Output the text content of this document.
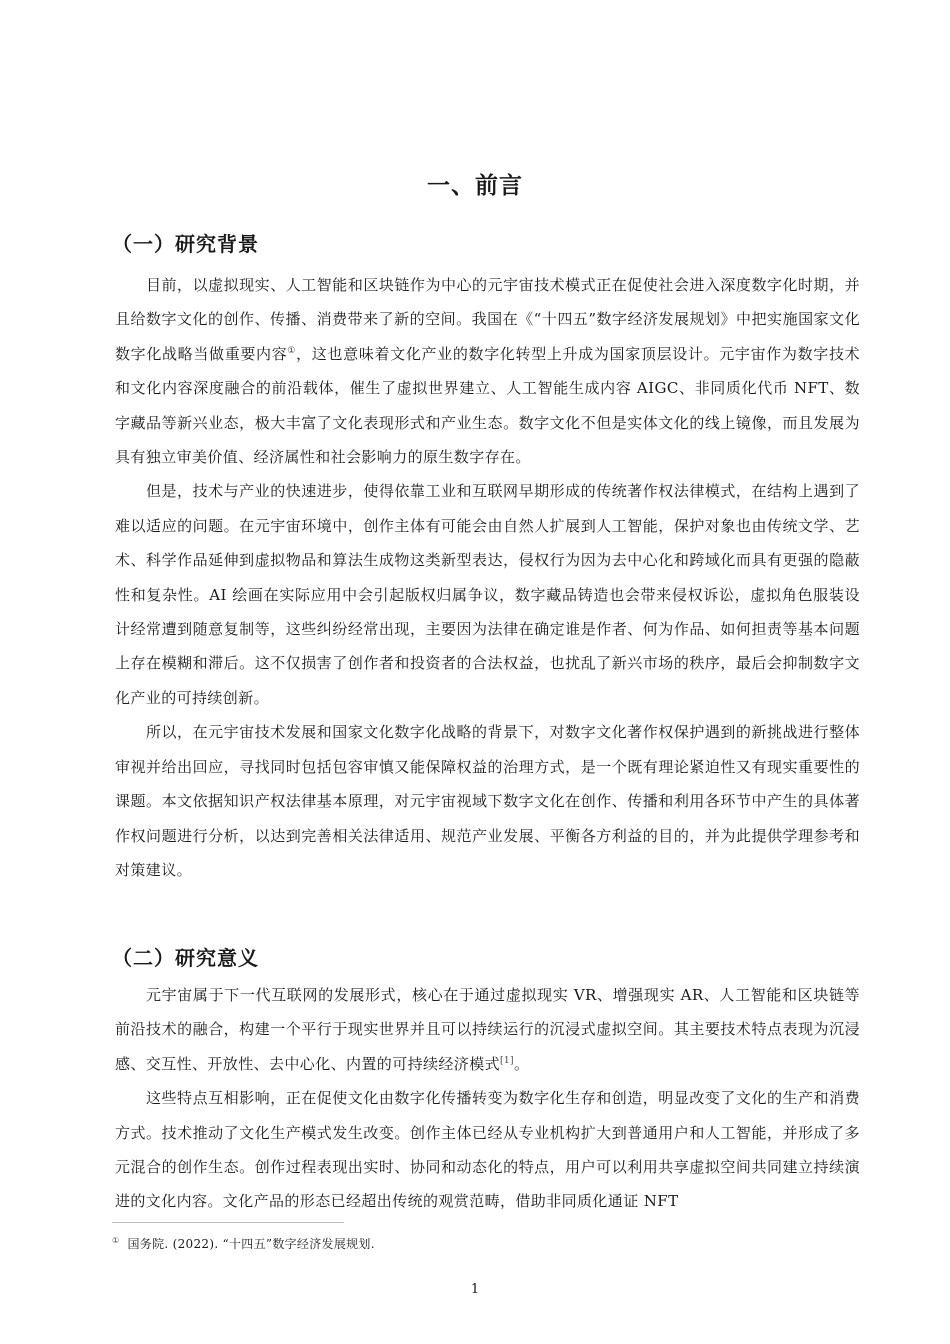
一、前言
（一）研究背景

目前，以虚拟现实、人工智能和区块链作为中心的元宇宙技术模式正在促使社会进入深度数字化时期，并且给数字文化的创作、传播、消费带来了新的空间。我国在《“十四五”数字经济发展规划》中把实施国家文化数字化战略当做重要内容①，这也意味着文化产业的数字化转型上升成为国家顶层设计。元宇宙作为数字技术和文化内容深度融合的前沿载体，催生了虚拟世界建立、人工智能生成内容 AIGC、非同质化代币 NFT、数字藏品等新兴业态，极大丰富了文化表现形式和产业生态。数字文化不但是实体文化的线上镜像，而且发展为具有独立审美价值、经济属性和社会影响力的原生数字存在。

但是，技术与产业的快速进步，使得依靠工业和互联网早期形成的传统著作权法律模式，在结构上遇到了难以适应的问题。在元宇宙环境中，创作主体有可能会由自然人扩展到人工智能，保护对象也由传统文学、艺术、科学作品延伸到虚拟物品和算法生成物这类新型表达，侵权行为因为去中心化和跨域化而具有更强的隐蔽性和复杂性。AI 绘画在实际应用中会引起版权归属争议，数字藏品铸造也会带来侵权诉讼，虚拟角色服装设计经常遭到随意复制等，这些纠纷经常出现，主要因为法律在确定谁是作者、何为作品、如何担责等基本问题上存在模糊和滞后。这不仅损害了创作者和投资者的合法权益，也扰乱了新兴市场的秩序，最后会抑制数字文化产业的可持续创新。

所以，在元宇宙技术发展和国家文化数字化战略的背景下，对数字文化著作权保护遇到的新挑战进行整体审视并给出回应，寻找同时包括包容审慎又能保障权益的治理方式，是一个既有理论紧迫性又有现实重要性的课题。本文依据知识产权法律基本原理，对元宇宙视域下数字文化在创作、传播和利用各环节中产生的具体著作权问题进行分析，以达到完善相关法律适用、规范产业发展、平衡各方利益的目的，并为此提供学理参考和对策建议。

（二）研究意义

元宇宙属于下一代互联网的发展形式，核心在于通过虚拟现实 VR、增强现实 AR、人工智能和区块链等前沿技术的融合，构建一个平行于现实世界并且可以持续运行的沉浸式虚拟空间。其主要技术特点表现为沉浸感、交互性、开放性、去中心化、内置的可持续经济模式[1]。

这些特点互相影响，正在促使文化由数字化传播转变为数字化生存和创造，明显改变了文化的生产和消费方式。技术推动了文化生产模式发生改变。创作主体已经从专业机构扩大到普通用户和人工智能，并形成了多元混合的创作生态。创作过程表现出实时、协同和动态化的特点，用户可以利用共享虚拟空间共同建立持续演进的文化内容。文化产品的形态已经超出传统的观赏范畴，借助非同质化通证 NFT

① 国务院. (2022). “十四五”数字经济发展规划.
1
